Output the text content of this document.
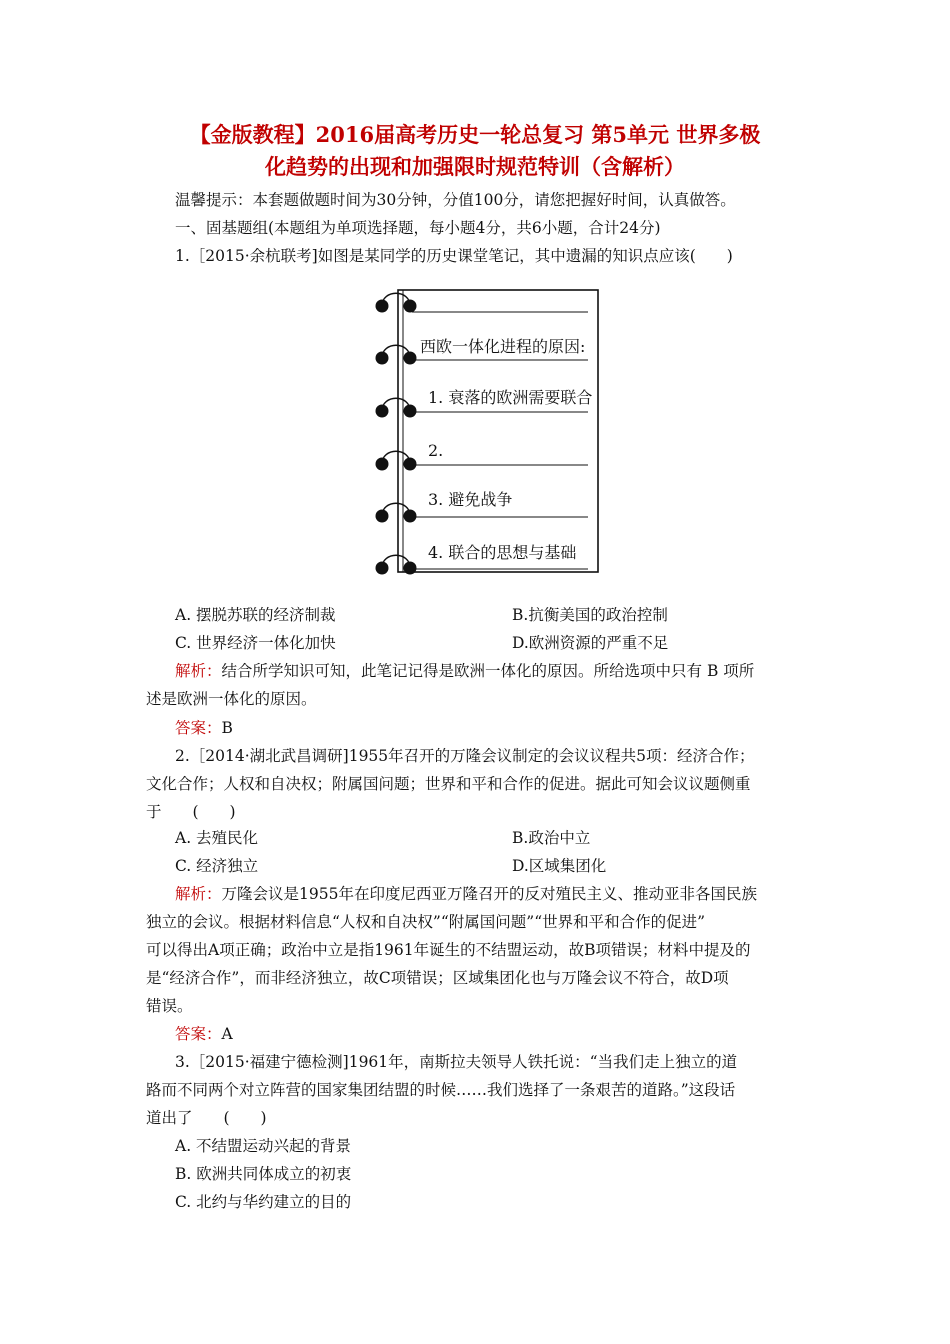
【金版教程】2016届高考历史一轮总复习 第5单元 世界多极
化趋势的出现和加强限时规范特训（含解析）
温馨提示：本套题做题时间为30分钟，分值100分，请您把握好时间，认真做答。
一、固基题组(本题组为单项选择题，每小题4分，共6小题，合计24分)
1.［2015·余杭联考]如图是某同学的历史课堂笔记，其中遗漏的知识点应该(　　)
西欧一体化进程的原因:
1. 衰落的欧洲需要联合
2.
3. 避免战争
4. 联合的思想与基础
A. 摆脱苏联的经济制裁	B.抗衡美国的政治控制
C. 世界经济一体化加快	D.欧洲资源的严重不足
解析：结合所学知识可知，此笔记记得是欧洲一体化的原因。所给选项中只有 B 项所
述是欧洲一体化的原因。
答案：B
2.［2014·湖北武昌调研]1955年召开的万隆会议制定的会议议程共5项：经济合作；
文化合作；人权和自决权；附属国问题；世界和平和合作的促进。据此可知会议议题侧重
于　　(　　)
A. 去殖民化	B.政治中立
C. 经济独立	D.区域集团化
解析：万隆会议是1955年在印度尼西亚万隆召开的反对殖民主义、推动亚非各国民族
独立的会议。根据材料信息“人权和自决权”“附属国问题”“世界和平和合作的促进”
可以得出A项正确；政治中立是指1961年诞生的不结盟运动，故B项错误；材料中提及的
是“经济合作”，而非经济独立，故C项错误；区域集团化也与万隆会议不符合，故D项
错误。
答案：A
3.［2015·福建宁德检测]1961年，南斯拉夫领导人铁托说：“当我们走上独立的道
路而不同两个对立阵营的国家集团结盟的时候……我们选择了一条艰苦的道路。”这段话
道出了　　(　　)
A. 不结盟运动兴起的背景
B. 欧洲共同体成立的初衷
C. 北约与华约建立的目的
